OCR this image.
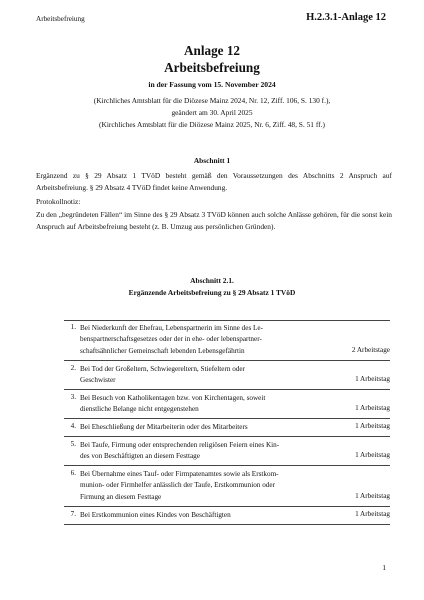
Arbeitsbefreiung	H.2.3.1-Anlage 12
Anlage 12
Arbeitsbefreiung
in der Fassung vom 15. November 2024
(Kirchliches Amtsblatt für die Diözese Mainz 2024, Nr. 12, Ziff. 106, S. 130 f.),
geändert am 30. April 2025
(Kirchliches Amtsblatt für die Diözese Mainz 2025, Nr. 6, Ziff. 48, S. 51 ff.)
Abschnitt 1
Ergänzend zu § 29 Absatz 1 TVöD besteht gemäß den Voraussetzungen des Abschnitts 2 Anspruch auf Arbeitsbefreiung. § 29 Absatz 4 TVöD findet keine Anwendung.
Protokollnotiz:
Zu den „begründeten Fällen“ im Sinne des § 29 Absatz 3 TVöD können auch solche Anlässe gehören, für die sonst kein Anspruch auf Arbeitsbefreiung besteht (z. B. Umzug aus persönlichen Gründen).
Abschnitt 2.1.
Ergänzende Arbeitsbefreiung zu § 29 Absatz 1 TVöD
1. Bei Niederkunft der Ehefrau, Lebenspartnerin im Sinne des Le-
benspartnerschaftsgesetzes oder der in ehe- oder lebenspartner-
schaftsähnlicher Gemeinschaft lebenden Lebensgefährtin	2 Arbeitstage
2. Bei Tod der Großeltern, Schwiegereltern, Stiefeltern oder
Geschwister	1 Arbeitstag
3. Bei Besuch von Katholikentagen bzw. von Kirchentagen, soweit
dienstliche Belange nicht entgegenstehen	1 Arbeitstag
4. Bei Eheschließung der Mitarbeiterin oder des Mitarbeiters	1 Arbeitstag
5. Bei Taufe, Firmung oder entsprechenden religiösen Feiern eines Kin-
des von Beschäftigten an diesem Festtage	1 Arbeitstag
6. Bei Übernahme eines Tauf- oder Firmpatenamtes sowie als Erstkom-
munion- oder Firmhelfer anlässlich der Taufe, Erstkommunion oder
Firmung an diesem Festtage	1 Arbeitstag
7. Bei Erstkommunion eines Kindes von Beschäftigten	1 Arbeitstag
1
